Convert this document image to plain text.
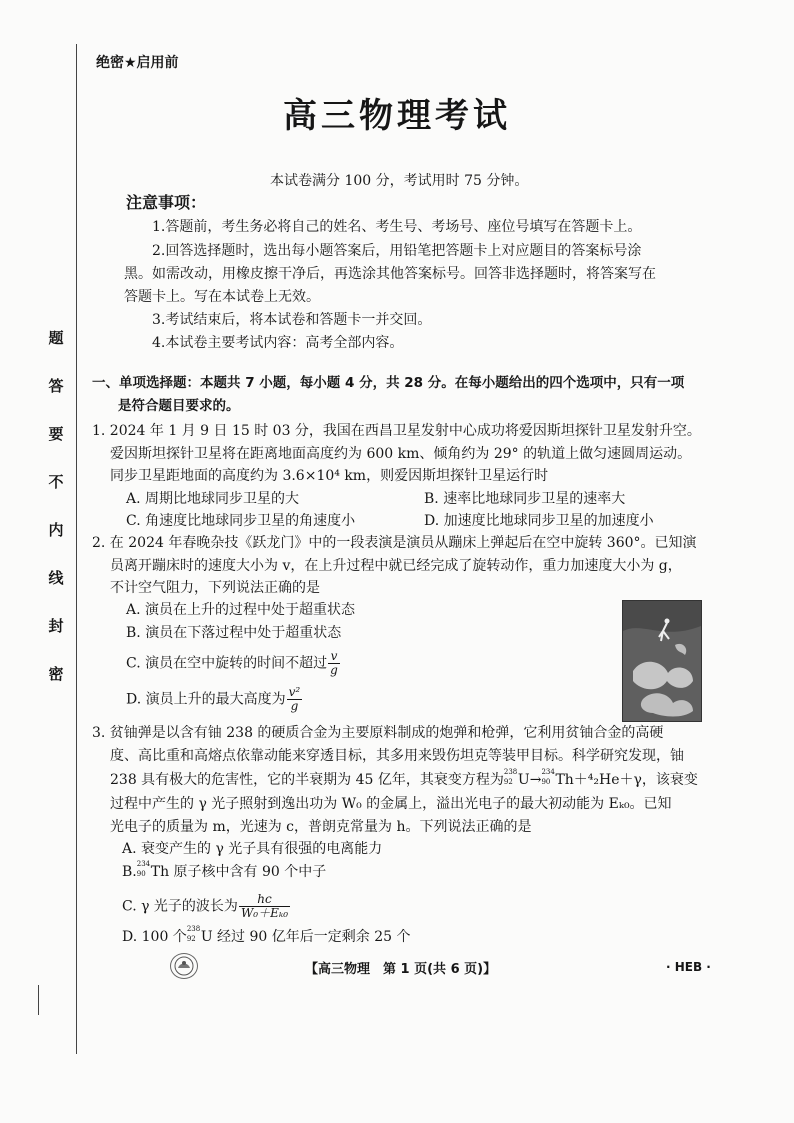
题
答
要
不
内
线
封
密
绝密★启用前
高三物理考试
本试卷满分 100 分，考试用时 75 分钟。
注意事项：
1.答题前，考生务必将自己的姓名、考生号、考场号、座位号填写在答题卡上。
2.回答选择题时，选出每小题答案后，用铅笔把答题卡上对应题目的答案标号涂
黑。如需改动，用橡皮擦干净后，再选涂其他答案标号。回答非选择题时，将答案写在
答题卡上。写在本试卷上无效。
3.考试结束后，将本试卷和答题卡一并交回。
4.本试卷主要考试内容：高考全部内容。
一、单项选择题：本题共 7 小题，每小题 4 分，共 28 分。在每小题给出的四个选项中，只有一项
是符合题目要求的。
1. 2024 年 1 月 9 日 15 时 03 分，我国在西昌卫星发射中心成功将爱因斯坦探针卫星发射升空。
爱因斯坦探针卫星将在距离地面高度约为 600 km、倾角约为 29° 的轨道上做匀速圆周运动。
同步卫星距地面的高度约为 3.6×10⁴ km，则爱因斯坦探针卫星运行时
A. 周期比地球同步卫星的大	B. 速率比地球同步卫星的速率大
C. 角速度比地球同步卫星的角速度小	D. 加速度比地球同步卫星的加速度小
2. 在 2024 年春晚杂技《跃龙门》中的一段表演是演员从蹦床上弹起后在空中旋转 360°。已知演
员离开蹦床时的速度大小为 v，在上升过程中就已经完成了旋转动作，重力加速度大小为 g，
不计空气阻力，下列说法正确的是
A. 演员在上升的过程中处于超重状态
B. 演员在下落过程中处于超重状态
C. 演员在空中旋转的时间不超过 $\frac{v}{g}$
D. 演员上升的最大高度为 $\frac{\text{v²}}{g}$
3. 贫铀弹是以含有铀 238 的硬质合金为主要原料制成的炮弹和枪弹，它利用贫铀合金的高硬
度、高比重和高熔点依靠动能来穿透目标，其多用来毁伤坦克等装甲目标。科学研究发现，铀
238 具有极大的危害性，它的半衰期为 45 亿年，其衰变方程为 238
92 U→ 234
90 Th＋⁴₂He＋γ，该衰变
过程中产生的 γ 光子照射到逸出功为 W₀ 的金属上，溢出光电子的最大初动能为 Eₖ₀。已知
光电子的质量为 m，光速为 c，普朗克常量为 h。下列说法正确的是
A. 衰变产生的 γ 光子具有很强的电离能力
B. 234
90 Th 原子核中含有 90 个中子
C. γ 光子的波长为 $\frac{hc}{\text{W₀＋Eₖ₀}}$
D. 100 个 238
92 U 经过 90 亿年后一定剩余 25 个
【高三物理　第 1 页(共 6 页)】	· HEB ·
